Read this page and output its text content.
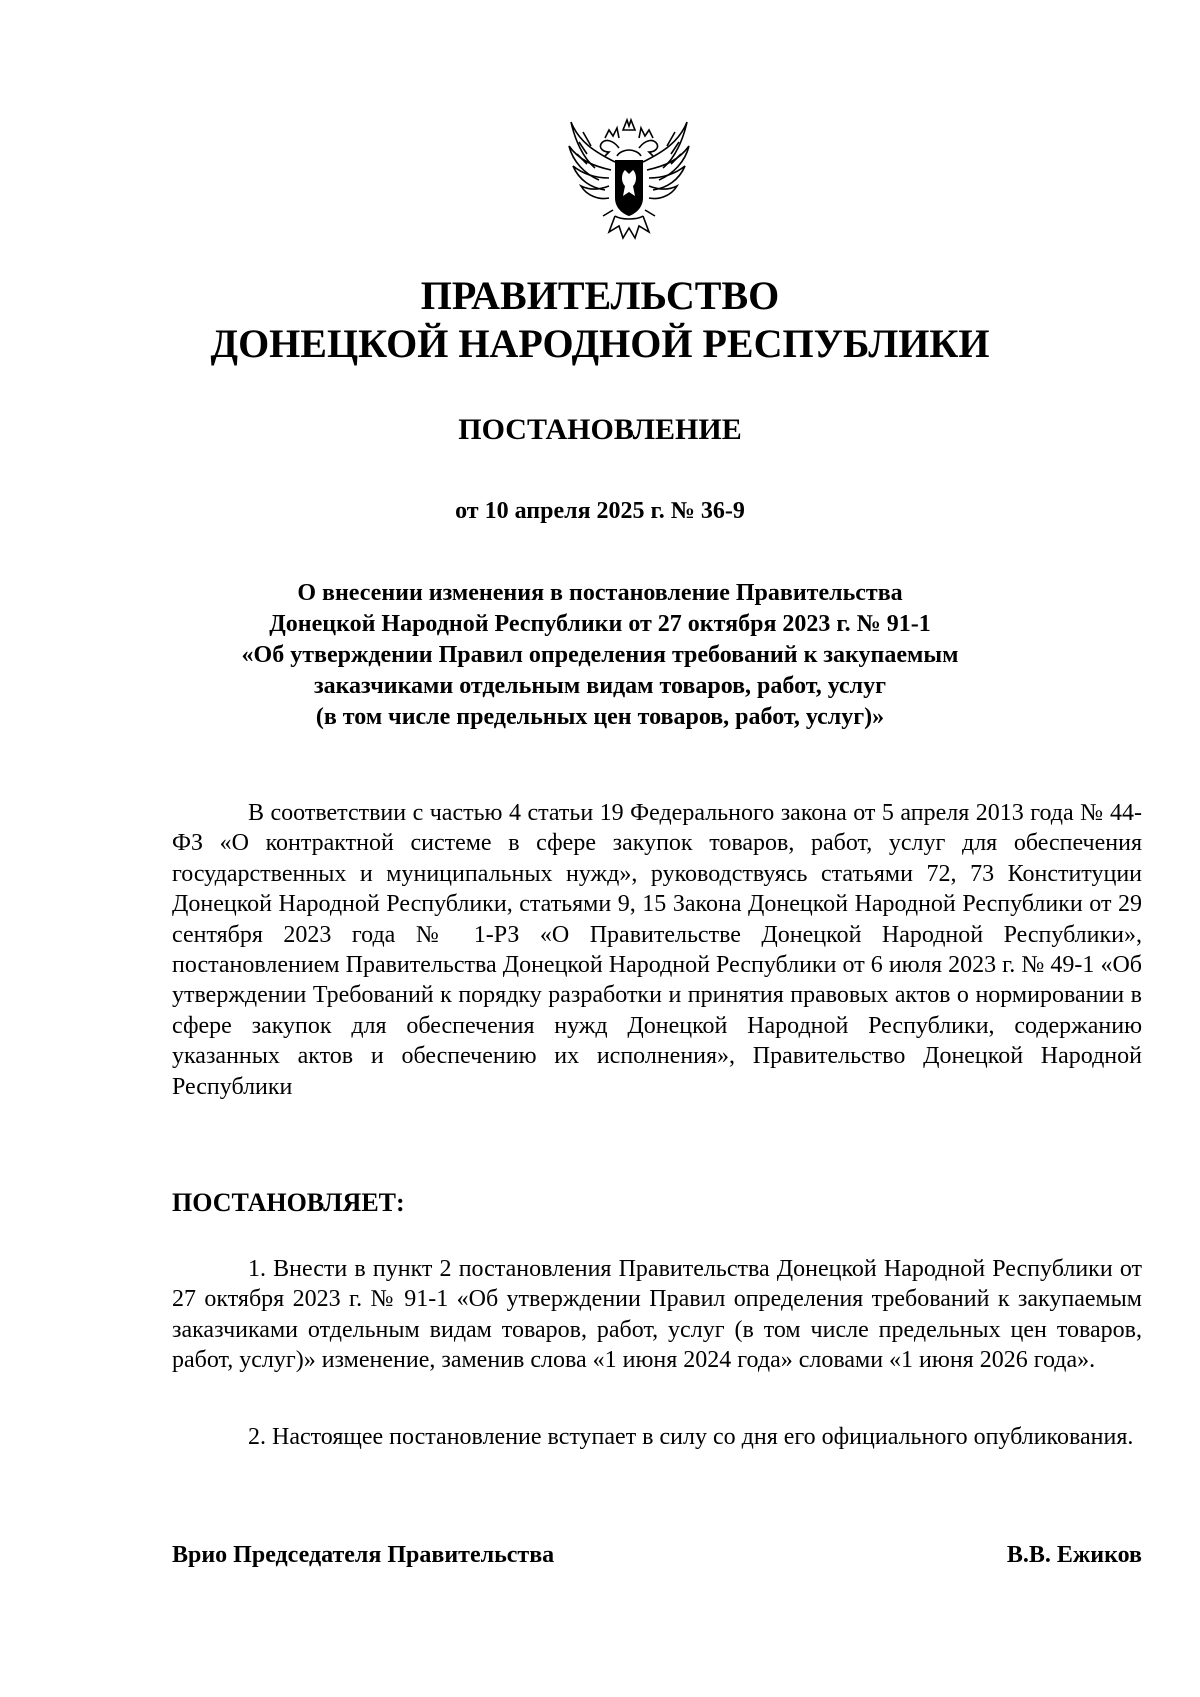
ПРАВИТЕЛЬСТВО
ДОНЕЦКОЙ НАРОДНОЙ РЕСПУБЛИКИ
ПОСТАНОВЛЕНИЕ
от 10 апреля 2025 г. № 36-9
О внесении изменения в постановление Правительства
Донецкой Народной Республики от 27 октября 2023 г. № 91-1
«Об утверждении Правил определения требований к закупаемым
заказчиками отдельным видам товаров, работ, услуг
(в том числе предельных цен товаров, работ, услуг)»

В соответствии с частью 4 статьи 19 Федерального закона от 5 апреля 2013 года № 44-ФЗ «О контрактной системе в сфере закупок товаров, работ, услуг для обеспечения государственных и муниципальных нужд», руководствуясь статьями 72, 73 Конституции Донецкой Народной Республики, статьями 9, 15 Закона Донецкой Народной Республики от 29 сентября 2023 года № 1-РЗ «О Правительстве Донецкой Народной Республики», постановлением Правительства Донецкой Народной Республики от 6 июля 2023 г. № 49-1 «Об утверждении Требований к порядку разработки и принятия правовых актов о нормировании в сфере закупок для обеспечения нужд Донецкой Народной Республики, содержанию указанных актов и обеспечению их исполнения», Правительство Донецкой Народной Республики

ПОСТАНОВЛЯЕТ:

1. Внести в пункт 2 постановления Правительства Донецкой Народной Республики от 27 октября 2023 г. № 91-1 «Об утверждении Правил определения требований к закупаемым заказчиками отдельным видам товаров, работ, услуг (в том числе предельных цен товаров, работ, услуг)» изменение, заменив слова «1 июня 2024 года» словами «1 июня 2026 года».

2. Настоящее постановление вступает в силу со дня его официального опубликования.

Врио Председателя Правительства	В.В. Ежиков
